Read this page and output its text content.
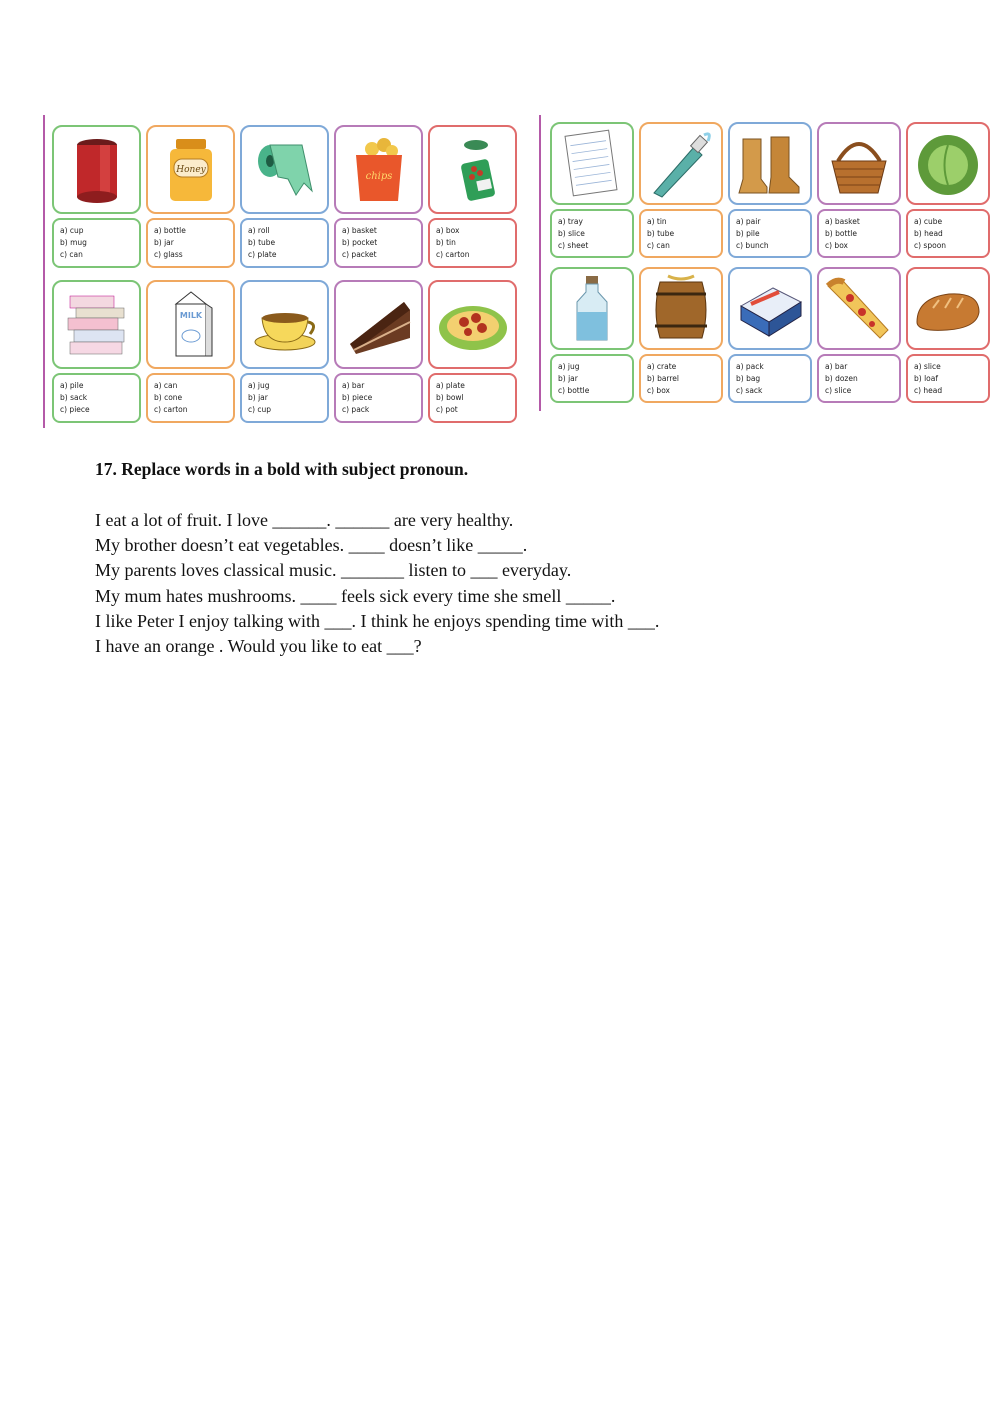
a) cup
b) mug
c) can
Honey
a) bottle
b) jar
c) glass
a) roll
b) tube
c) plate
chips
a) basket
b) pocket
c) packet
a) box
b) tin
c) carton
a) pile
b) sack
c) piece
MILK
a) can
b) cone
c) carton
a) jug
b) jar
c) cup
a) bar
b) piece
c) pack
a) plate
b) bowl
c) pot
a) tray
b) slice
c) sheet
a) tin
b) tube
c) can
a) pair
b) pile
c) bunch
a) basket
b) bottle
c) box
a) cube
b) head
c) spoon
a) jug
b) jar
c) bottle
a) crate
b) barrel
c) box
a) pack
b) bag
c) sack
a) bar
b) dozen
c) slice
a) slice
b) loaf
c) head
17. Replace words in a bold with subject pronoun.
I eat a lot of fruit. I love ______. ______ are very healthy.
My brother doesn’t eat vegetables. ____ doesn’t like _____.
My parents loves classical music. _______ listen to ___ everyday.
My mum hates mushrooms. ____ feels sick every time she smell _____.
I like Peter I enjoy talking with ___. I think he enjoys spending time with ___.
I have an orange . Would you like to eat ___?
